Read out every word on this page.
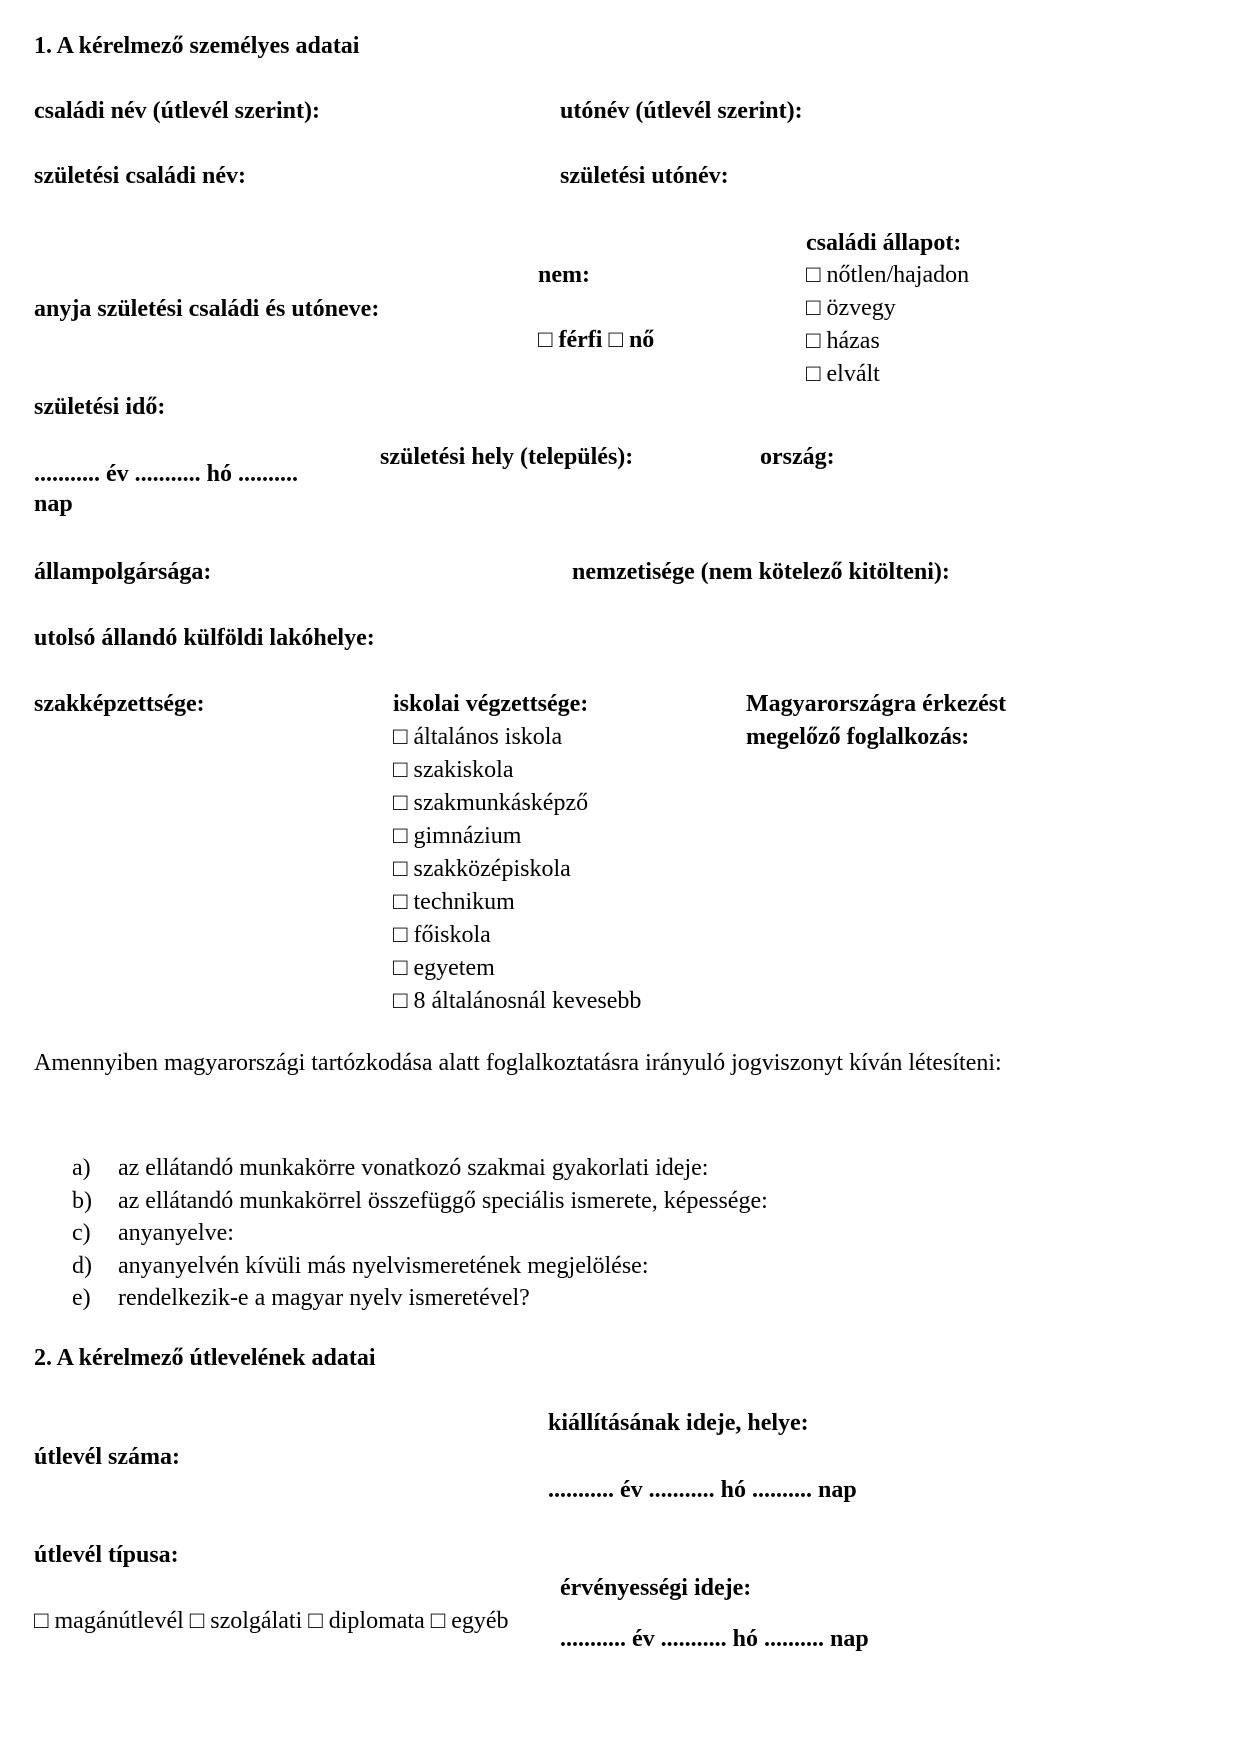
1. A kérelmező személyes adatai
családi név (útlevél szerint):	utónév (útlevél szerint):
születési családi név:	születési utónév:
anyja születési családi és utóneve:
nem:
□ férfi □ nő
családi állapot:
□ nőtlen/hajadon
□ özvegy
□ házas
□ elvált
születési idő:
........... év ........... hó ..........
nap
születési hely (település):	ország:
állampolgársága:	nemzetisége (nem kötelező kitölteni):
utolsó állandó külföldi lakóhelye:
szakképzettsége:	iskolai végzettsége:
□ általános iskola
□ szakiskola
□ szakmunkásképző
□ gimnázium
□ szakközépiskola
□ technikum
□ főiskola
□ egyetem
□ 8 általánosnál kevesebb
Magyarországra érkezést
megelőző foglalkozás:
Amennyiben magyarországi tartózkodása alatt foglalkoztatásra irányuló jogviszonyt kíván létesíteni:
a) az ellátandó munkakörre vonatkozó szakmai gyakorlati ideje:
b) az ellátandó munkakörrel összefüggő speciális ismerete, képessége:
c) anyanyelve:
d) anyanyelvén kívüli más nyelvismeretének megjelölése:
e) rendelkezik-e a magyar nyelv ismeretével?
2. A kérelmező útlevelének adatai
kiállításának ideje, helye:
útlevél száma:
........... év ........... hó .......... nap
útlevél típusa:
érvényességi ideje:
□ magánútlevél □ szolgálati □ diplomata □ egyéb
........... év ........... hó .......... nap
